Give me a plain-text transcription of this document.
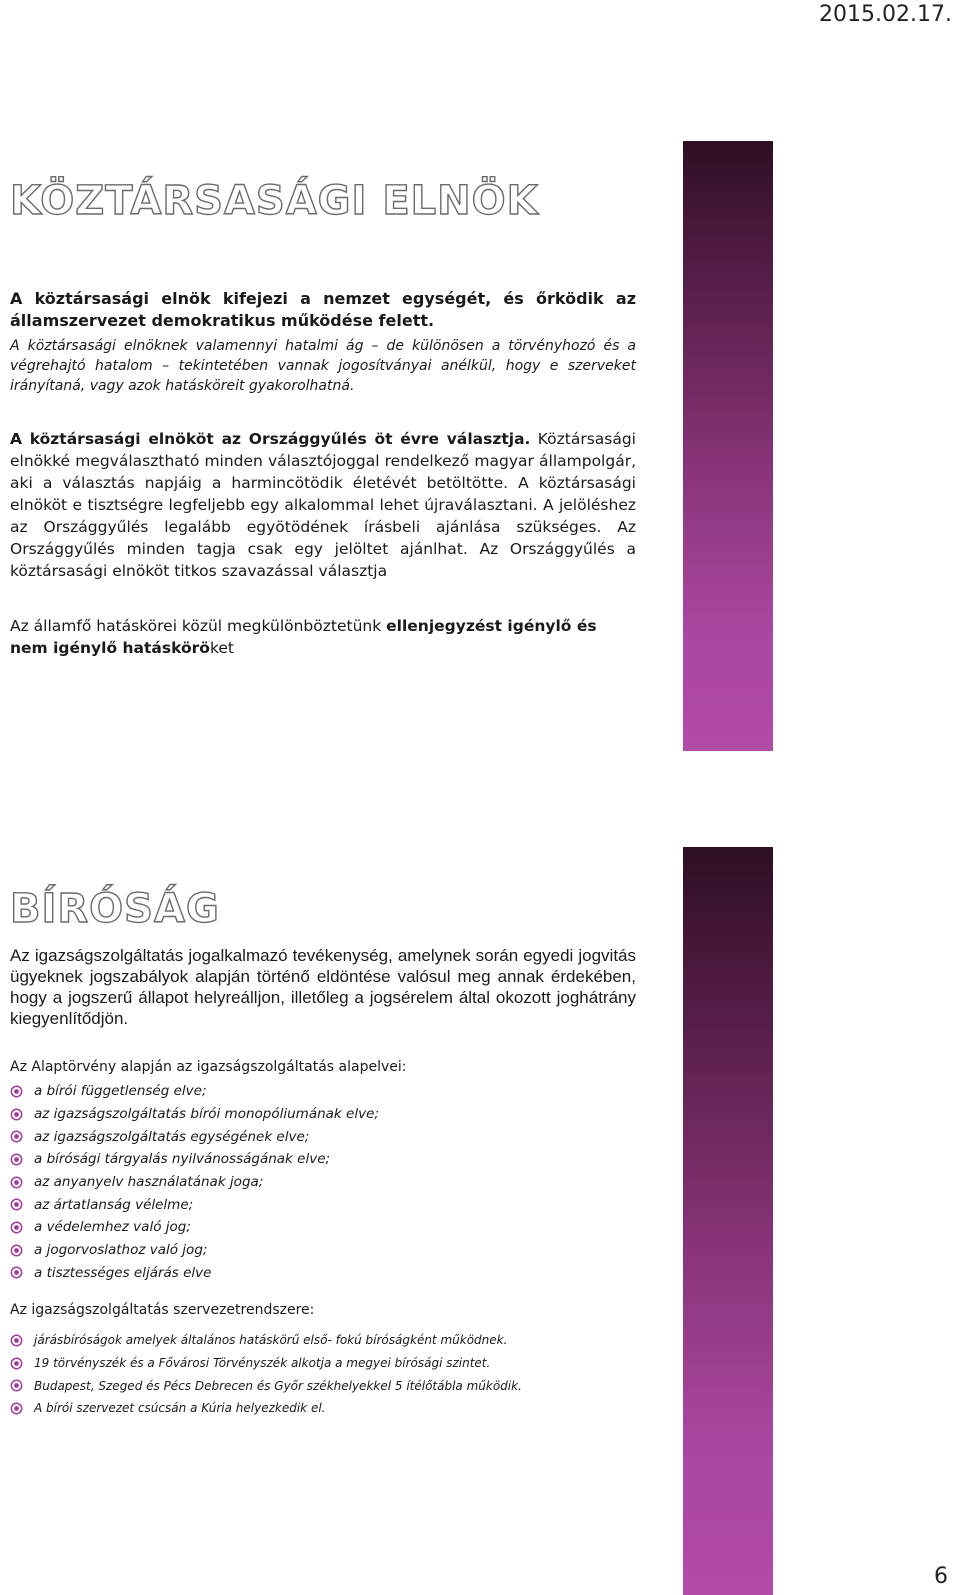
2015.02.17.
KÖZTÁRSASÁGI ELNÖK

A köztársasági elnök kifejezi a nemzet egységét, és őrködik az államszervezet demokratikus működése felett.

A köztársasági elnöknek valamennyi hatalmi ág – de különösen a törvényhozó és a végrehajtó hatalom – tekintetében vannak jogosítványai anélkül, hogy e szerveket irányítaná, vagy azok hatásköreit gyakorolhatná.

A köztársasági elnököt az Országgyűlés öt évre választja. Köztársasági elnökké megválasztható minden választójoggal rendelkező magyar állampolgár, aki a választás napjáig a harmincötödik életévét betöltötte. A köztársasági elnököt e tisztségre legfeljebb egy alkalommal lehet újraválasztani. A jelöléshez az Országgyűlés legalább egyötödének írásbeli ajánlása szükséges. Az Országgyűlés minden tagja csak egy jelöltet ajánlhat. Az Országgyűlés a köztársasági elnököt titkos szavazással választja

Az államfő hatáskörei közül megkülönböztetünk ellenjegyzést igénylő és nem igénylő hatásköröket

BÍRÓSÁG

Az igazságszolgáltatás jogalkalmazó tevékenység, amelynek során egyedi jogvitás ügyeknek jogszabályok alapján történő eldöntése valósul meg annak érdekében, hogy a jogszerű állapot helyreálljon, illetőleg a jogsérelem által okozott joghátrány kiegyenlítődjön.

Az Alaptörvény alapján az igazságszolgáltatás alapelvei:

a bírói függetlenség elve;
az igazságszolgáltatás bírói monopóliumának elve;
az igazságszolgáltatás egységének elve;
a bírósági tárgyalás nyilvánosságának elve;
az anyanyelv használatának joga;
az ártatlanság vélelme;
a védelemhez való jog;
a jogorvoslathoz való jog;
a tisztességes eljárás elve

Az igazságszolgáltatás szervezetrendszere:

járásbíróságok amelyek általános hatáskörű első- fokú bíróságként működnek.
19 törvényszék és a Fővárosi Törvényszék alkotja a megyei bírósági szintet.
Budapest, Szeged és Pécs Debrecen és Győr székhelyekkel 5 ítélőtábla működik.
A bírói szervezet csúcsán a Kúria helyezkedik el.
6
